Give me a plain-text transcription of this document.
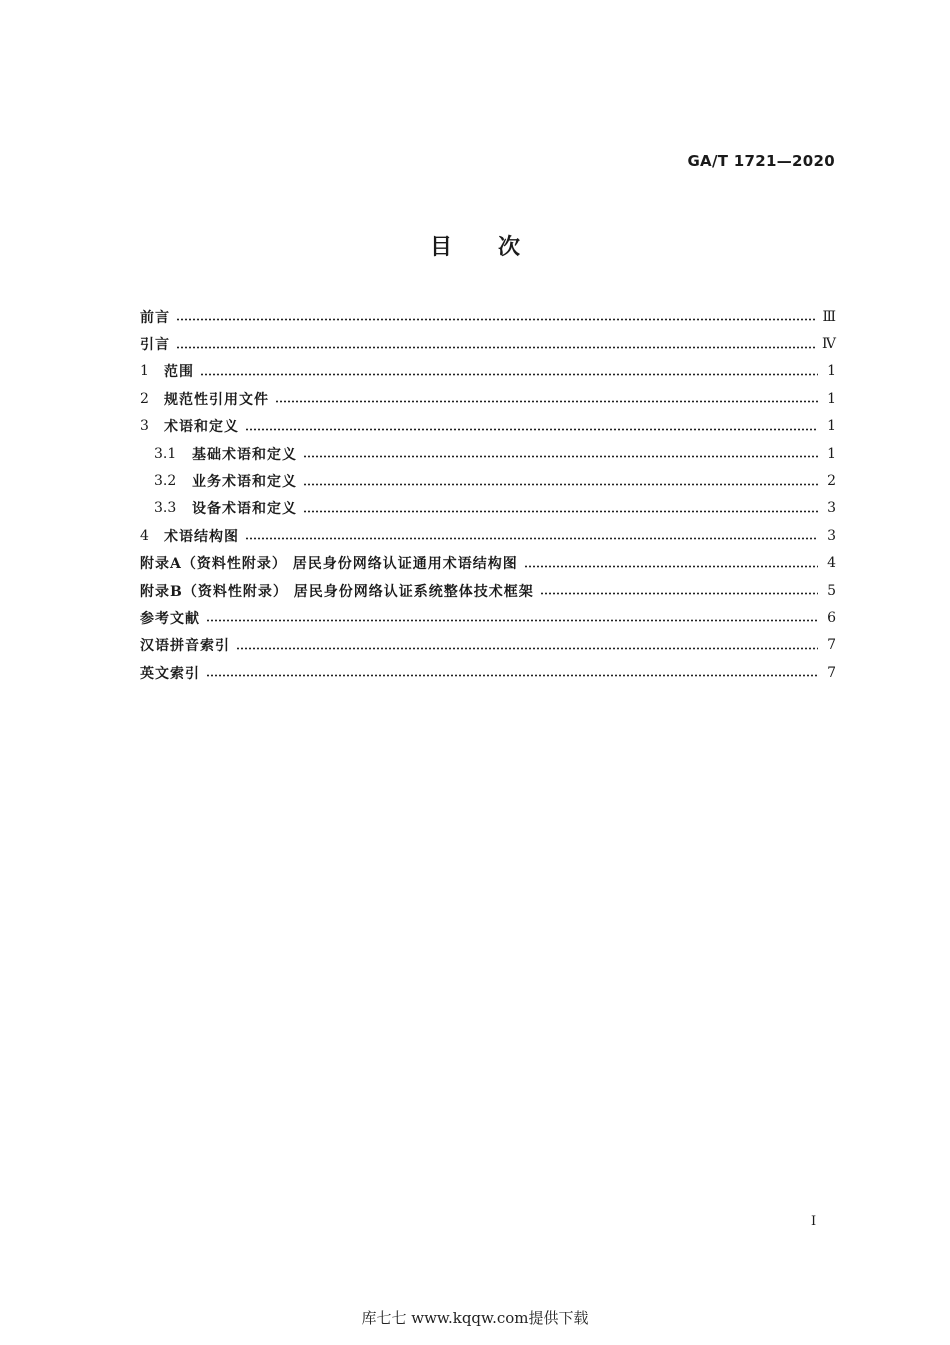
GA/T 1721—2020
目次
前言	Ⅲ
引言	Ⅳ
1	范围	1
2	规范性引用文件	1
3	术语和定义	1
3.1	基础术语和定义	1
3.2	业务术语和定义	2
3.3	设备术语和定义	3
4	术语结构图	3
附录A（资料性附录） 居民身份网络认证通用术语结构图	4
附录B（资料性附录） 居民身份网络认证系统整体技术框架	5
参考文献	6
汉语拼音索引	7
英文索引	7
I
库七七 www.kqqw.com提供下载
